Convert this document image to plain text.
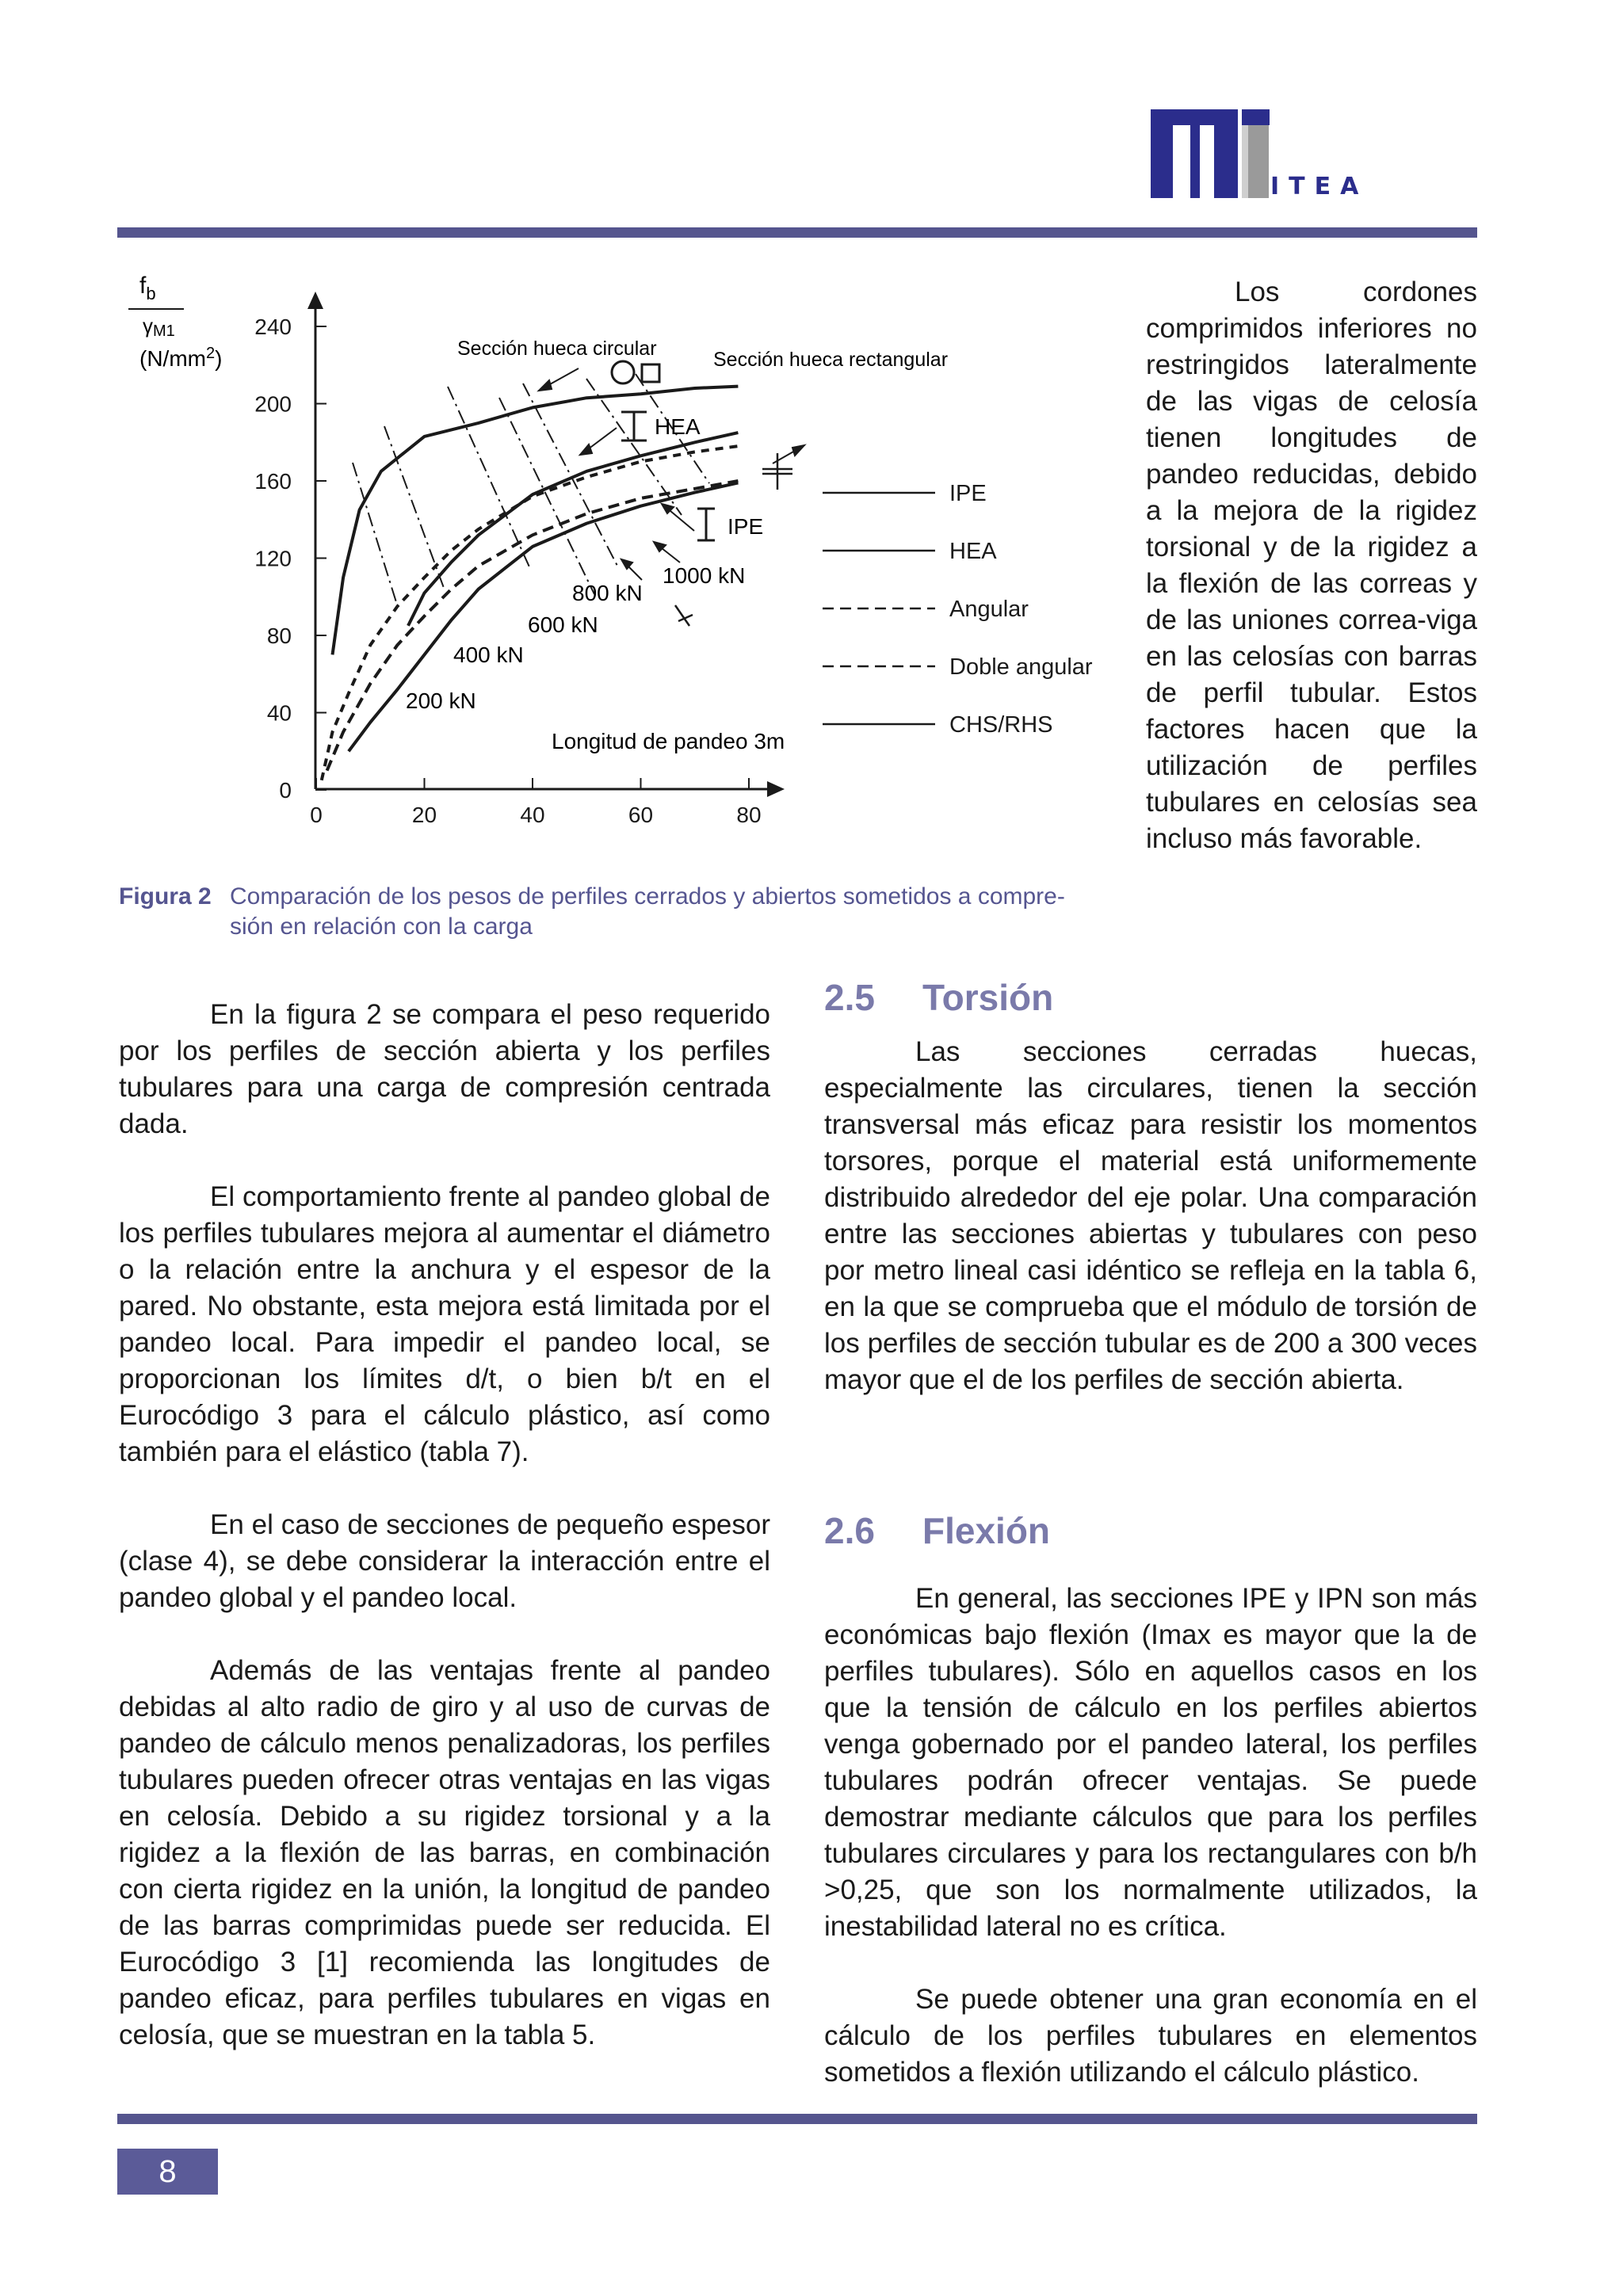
ITEA
$f_b$
γM1
$(N/mm^2)$
0
40
80
120
160
200
240
0	20	40	60	80
Sección hueca circular	Sección hueca rectangular
HEA
IPE
1000 kN
800 kN
600 kN
400 kN
200 kN
Longitud de pandeo 3m
IPE
HEA
Angular
Doble angular
CHS/RHS
Figura 2 Comparación de los pesos de perfiles cerrados y abiertos sometidos a compre-
sión en relación con la carga

Los cordones comprimidos inferiores no restringidos lateralmente de las vigas de celosía tienen longitudes de pandeo reducidas, debido a la mejora de la rigidez torsional y de la rigidez a la flexión de las correas y de las uniones correa-viga en las celosías con barras de perfil tubular. Estos factores hacen que la utilización de perfiles tubulares en celosías sea incluso más favorable.

En la figura 2 se compara el peso requerido por los perfiles de sección abierta y los perfiles tubulares para una carga de compresión centrada dada.

El comportamiento frente al pandeo global de los perfiles tubulares mejora al aumentar el diámetro o la relación entre la anchura y el espesor de la pared. No obstante, esta mejora está limitada por el pandeo local. Para impedir el pandeo local, se proporcionan los límites d/t, o bien b/t en el Eurocódigo 3 para el cálculo plástico, así como también para el elástico (tabla 7).

En el caso de secciones de pequeño espesor (clase 4), se debe considerar la interacción entre el pandeo global y el pandeo local.

Además de las ventajas frente al pandeo debidas al alto radio de giro y al uso de curvas de pandeo de cálculo menos penalizadoras, los perfiles tubulares pueden ofrecer otras ventajas en las vigas en celosía. Debido a su rigidez torsional y a la rigidez a la flexión de las barras, en combinación con cierta rigidez en la unión, la longitud de pandeo de las barras comprimidas puede ser reducida. El Eurocódigo 3 [1] recomienda las longitudes de pandeo eficaz, para perfiles tubulares en vigas en celosía, que se muestran en la tabla 5.

2.5 Torsión

Las secciones cerradas huecas, especialmente las circulares, tienen la sección transversal más eficaz para resistir los momentos torsores, porque el material está uniformemente distribuido alrededor del eje polar. Una comparación entre las secciones abiertas y tubulares con peso por metro lineal casi idéntico se refleja en la tabla 6, en la que se comprueba que el módulo de torsión de los perfiles de sección tubular es de 200 a 300 veces mayor que el de los perfiles de sección abierta.

2.6 Flexión

En general, las secciones IPE y IPN son más económicas bajo flexión (Imax es mayor que la de perfiles tubulares). Sólo en aquellos casos en los que la tensión de cálculo en los perfiles abiertos venga gobernado por el pandeo lateral, los perfiles tubulares podrán ofrecer ventajas. Se puede demostrar mediante cálculos que para los perfiles tubulares circulares y para los rectangulares con b/h >0,25, que son los normalmente utilizados, la inestabilidad lateral no es crítica.

Se puede obtener una gran economía en el cálculo de los perfiles tubulares en elementos sometidos a flexión utilizando el cálculo plástico.

8
